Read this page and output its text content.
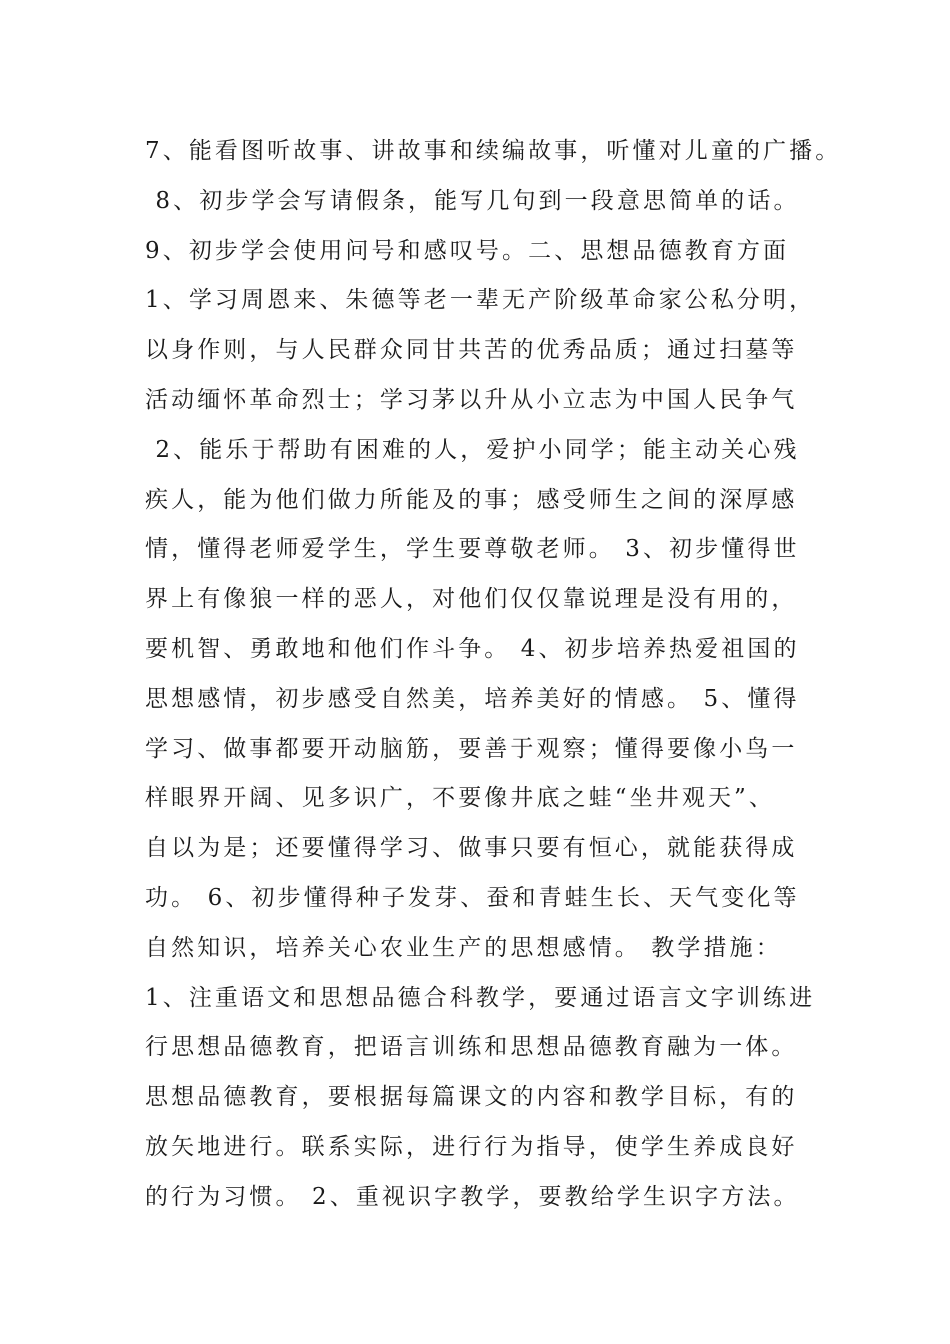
7、能看图听故事、讲故事和续编故事，听懂对儿童的广播。
8、初步学会写请假条，能写几句到一段意思简单的话。
9、初步学会使用问号和感叹号。二、思想品德教育方面
1、学习周恩来、朱德等老一辈无产阶级革命家公私分明，
以身作则，与人民群众同甘共苦的优秀品质；通过扫墓等
活动缅怀革命烈士；学习茅以升从小立志为中国人民争气
2、能乐于帮助有困难的人，爱护小同学；能主动关心残
疾人，能为他们做力所能及的事；感受师生之间的深厚感
情，懂得老师爱学生，学生要尊敬老师。 3、初步懂得世
界上有像狼一样的恶人，对他们仅仅靠说理是没有用的，
要机智、勇敢地和他们作斗争。 4、初步培养热爱祖国的
思想感情，初步感受自然美，培养美好的情感。 5、懂得
学习、做事都要开动脑筋，要善于观察；懂得要像小鸟一
样眼界开阔、见多识广，不要像井底之蛙“坐井观天”、
自以为是；还要懂得学习、做事只要有恒心，就能获得成
功。 6、初步懂得种子发芽、蚕和青蛙生长、天气变化等
自然知识，培养关心农业生产的思想感情。 教学措施：
1、注重语文和思想品德合科教学，要通过语言文字训练进
行思想品德教育，把语言训练和思想品德教育融为一体。
思想品德教育，要根据每篇课文的内容和教学目标，有的
放矢地进行。联系实际，进行行为指导，使学生养成良好
的行为习惯。 2、重视识字教学，要教给学生识字方法。
